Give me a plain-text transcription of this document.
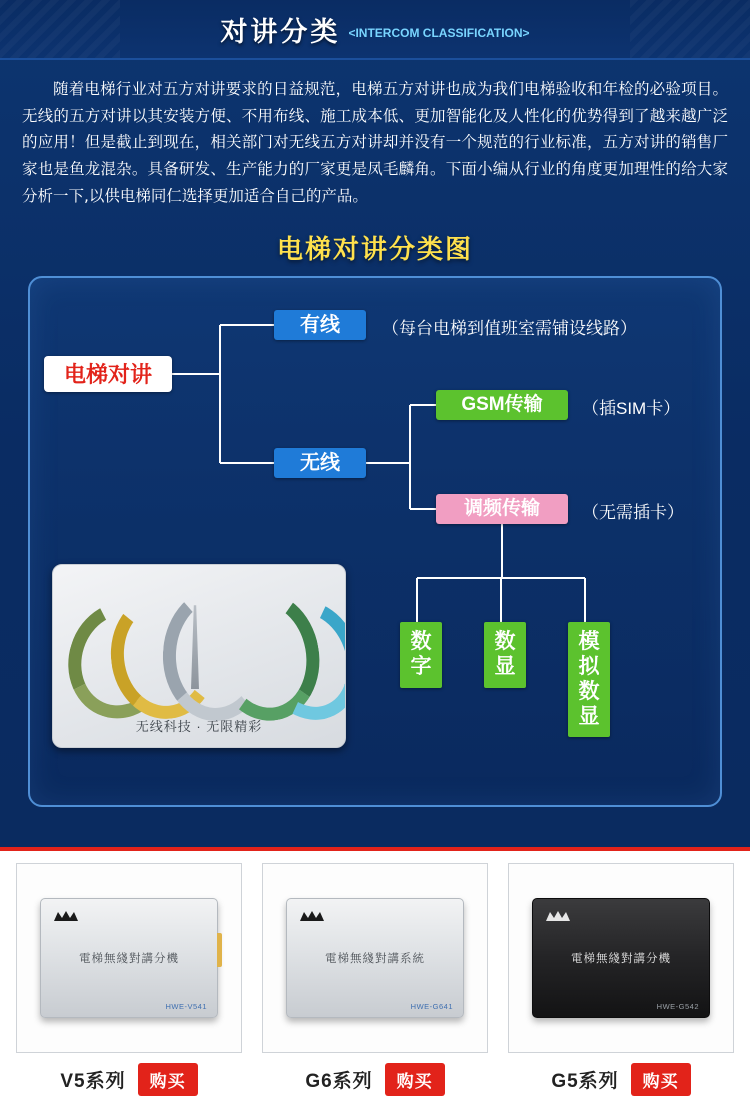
对讲分类 <INTERCOM CLASSIFICATION>
随着电梯行业对五方对讲要求的日益规范，电梯五方对讲也成为我们电梯验收和年检的必验项目。无线的五方对讲以其安装方便、不用布线、施工成本低、更加智能化及人性化的优势得到了越来越广泛的应用！但是截止到现在，相关部门对无线五方对讲却并没有一个规范的行业标准，五方对讲的销售厂家也是鱼龙混杂。具备研发、生产能力的厂家更是凤毛麟角。下面小编从行业的角度更加理性的给大家分析一下,以供电梯同仁选择更加适合自己的产品。
电梯对讲分类图
电梯对讲
有线	（每台电梯到值班室需铺设线路）
无线
GSM传输	（插SIM卡）
调频传输	（无需插卡）
数字
数显
模拟数显
无线科技 · 无限精彩
電梯無綫對講分機
HWE-V541
V5系列	购买
電梯無綫對講系統
HWE-G641
G6系列	购买
電梯無綫對講分機
HWE-G542
G5系列	购买
